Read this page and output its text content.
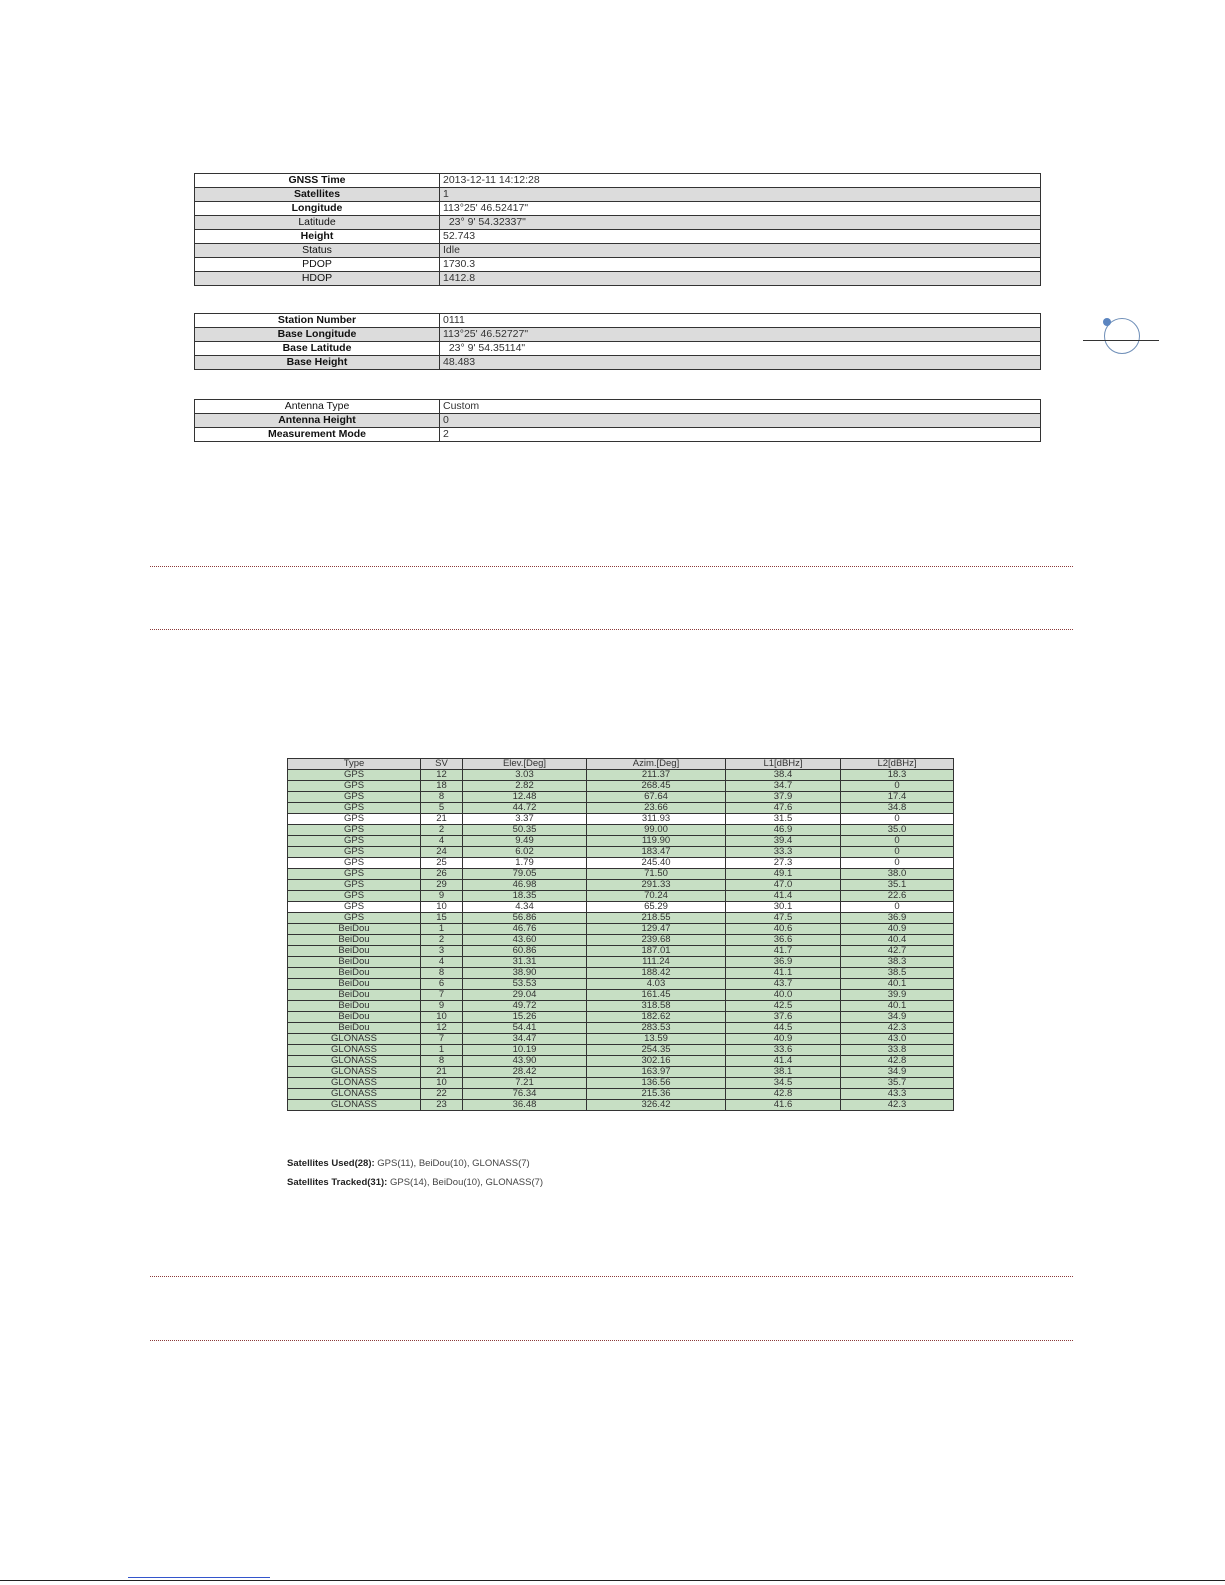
GNSS Time	2013-12-11 14:12:28
Satellites	1
Longitude	113°25' 46.52417"
Latitude	23° 9' 54.32337"
Height	52.743
Status	Idle
PDOP	1730.3
HDOP	1412.8
Station Number	0111
Base Longitude	113°25' 46.52727"
Base Latitude	23° 9' 54.35114"
Base Height	48.483
Antenna Type	Custom
Antenna Height	0
Measurement Mode	2
Type	SV	Elev.[Deg]	Azim.[Deg]	L1[dBHz]	L2[dBHz]
GPS	12	3.03	211.37	38.4	18.3
GPS	18	2.82	268.45	34.7	0
GPS	8	12.48	67.64	37.9	17.4
GPS	5	44.72	23.66	47.6	34.8
GPS	21	3.37	311.93	31.5	0
GPS	2	50.35	99.00	46.9	35.0
GPS	4	9.49	119.90	39.4	0
GPS	24	6.02	183.47	33.3	0
GPS	25	1.79	245.40	27.3	0
GPS	26	79.05	71.50	49.1	38.0
GPS	29	46.98	291.33	47.0	35.1
GPS	9	18.35	70.24	41.4	22.6
GPS	10	4.34	65.29	30.1	0
GPS	15	56.86	218.55	47.5	36.9
BeiDou	1	46.76	129.47	40.6	40.9
BeiDou	2	43.60	239.68	36.6	40.4
BeiDou	3	60.86	187.01	41.7	42.7
BeiDou	4	31.31	111.24	36.9	38.3
BeiDou	8	38.90	188.42	41.1	38.5
BeiDou	6	53.53	4.03	43.7	40.1
BeiDou	7	29.04	161.45	40.0	39.9
BeiDou	9	49.72	318.58	42.5	40.1
BeiDou	10	15.26	182.62	37.6	34.9
BeiDou	12	54.41	283.53	44.5	42.3
GLONASS	7	34.47	13.59	40.9	43.0
GLONASS	1	10.19	254.35	33.6	33.8
GLONASS	8	43.90	302.16	41.4	42.8
GLONASS	21	28.42	163.97	38.1	34.9
GLONASS	10	7.21	136.56	34.5	35.7
GLONASS	22	76.34	215.36	42.8	43.3
GLONASS	23	36.48	326.42	41.6	42.3
Satellites Used(28): GPS(11), BeiDou(10), GLONASS(7)
Satellites Tracked(31): GPS(14), BeiDou(10), GLONASS(7)
